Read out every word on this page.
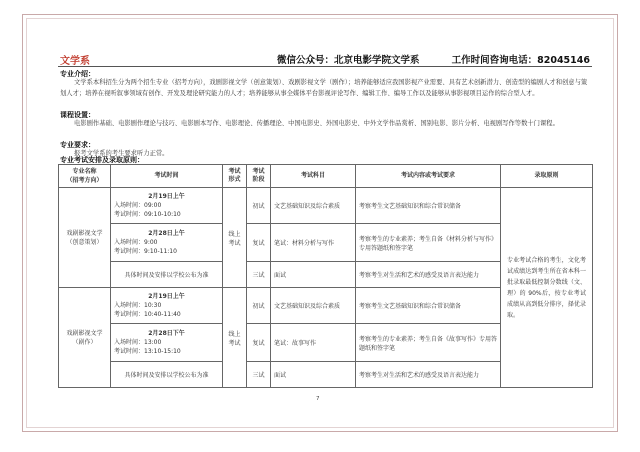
文学系	微信公众号：北京电影学院文学系	工作时间咨询电话：82045146
专业介绍：
文学系本科招生分为两个招生专业（招考方向），戏剧影视文学（创意策划）、戏剧影视文学（剧作）；培养能够适应我国影视产业需要、具有艺术创新潜力、创造型的编剧人才和创意与策划人才；培养在视听叙事领域有创作、开发及理论研究能力的人才；培养能够从事全媒体平台影视评论写作、编辑工作、编导工作以及能够从事影视项目运作的综合型人才。
课程设置：
电影剧作基础、电影剧作理论与技巧、电影剧本写作、电影理论、传播理论、中国电影史、外国电影史、中外文学作品赏析、国别电影、影片分析、电视剧写作等数十门课程。
专业要求：
报考文学系的考生要求听力正常。
专业考试安排及录取原则：
专业名称
（招考方向）	考试时间	考试形式	考试阶段	考试科目	考试内容或考试要求	录取原则

戏剧影视文学
（创意策划）	2月19日上午
入场时间：09:00
考试时间：09:10-10:10	线上考试	初试	文艺基础知识及综合素质	考察考生文艺基础知识和综合常识储备	专业考试合格的考生，文化考试成绩达到考生所在省本科一批录取最低控制分数线（文、理）的 90%后，按专业考试成绩从高到低分排序，择优录取。

	2月28日上午
入场时间：9:00
考试时间：9:10-11:10		复试	笔试：材料分析与写作	考察考生的专业素养；考生自备《材料分析与写作》专用答题纸和签字笔	
	具体时间及安排以学校公布为准		三试	面试	考察考生对生活和艺术的感受及语言表达能力	

戏剧影视文学
（剧作）	2月19日上午
入场时间：10:30
考试时间：10:40-11:40	线上考试	初试	文艺基础知识及综合素质	考察考生文艺基础知识和综合常识储备	

	2月28日下午
入场时间：13:00
考试时间：13:10-15:10		复试	笔试：故事写作	考察考生的专业素养；考生自备《故事写作》专用答题纸和签字笔	
	具体时间及安排以学校公布为准		三试	面试	考察考生对生活和艺术的感受及语言表达能力	
7
搜狐号@北影艺考
